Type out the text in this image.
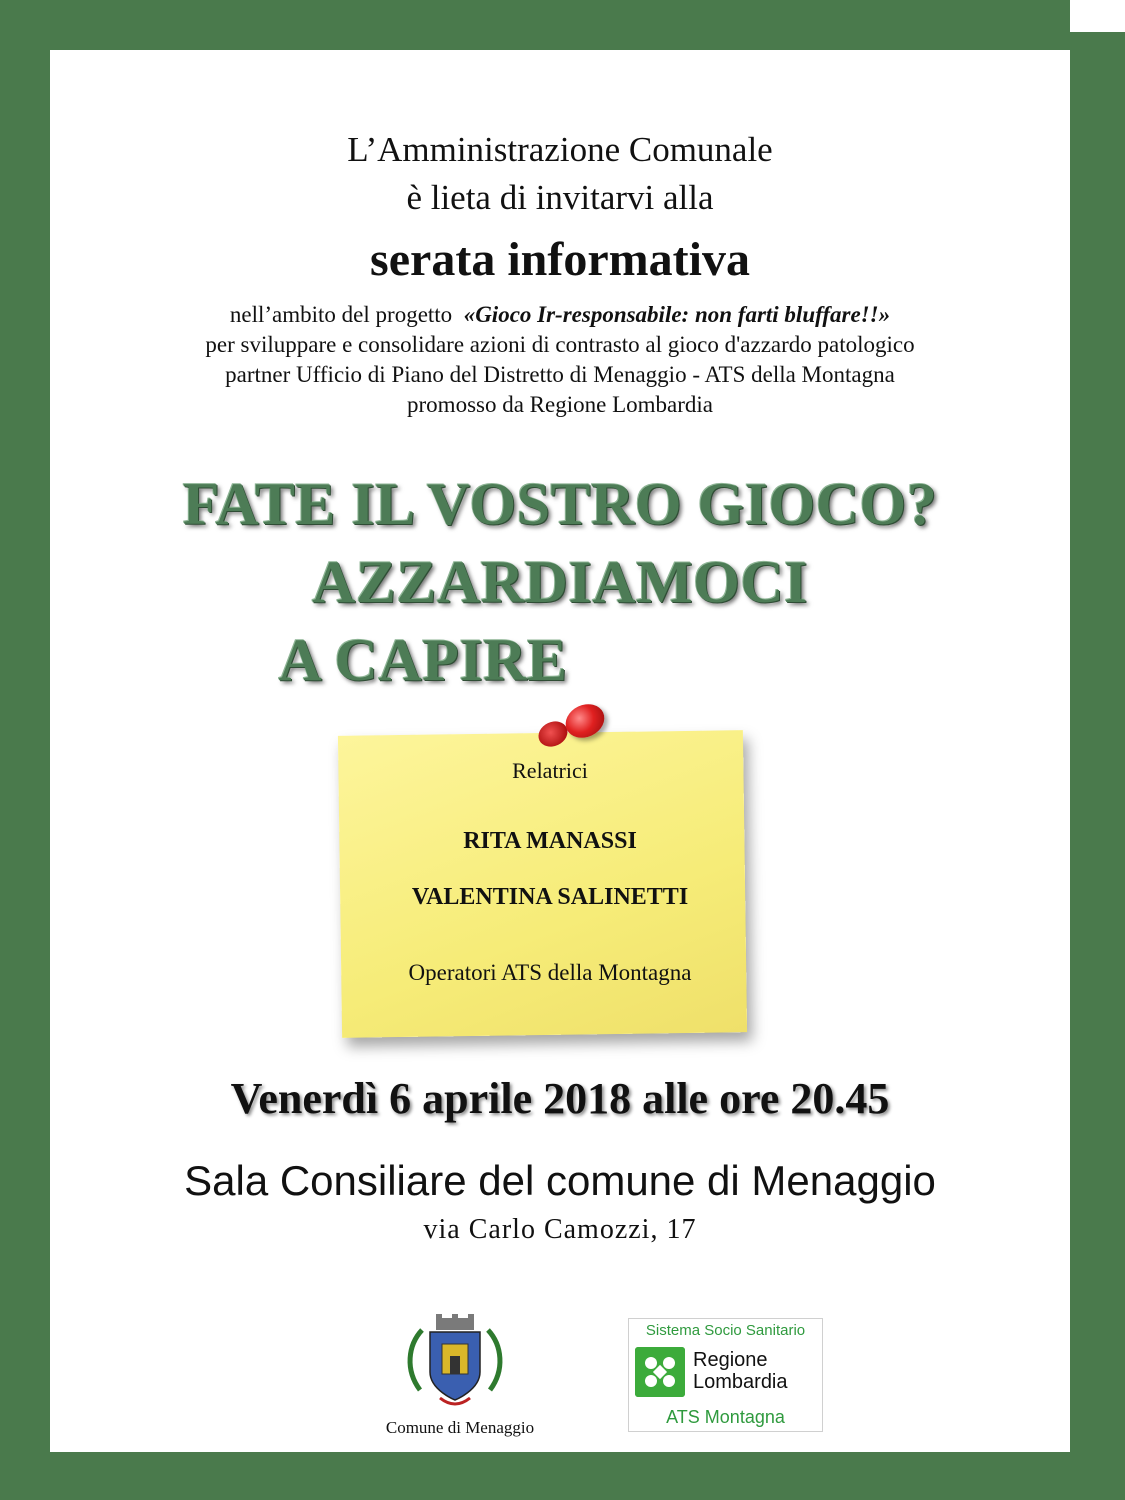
L’Amministrazione Comunale
è lieta di invitarvi alla
serata informativa
nell’ambito del progetto «Gioco Ir-responsabile: non farti bluffare!!»
per sviluppare e consolidare azioni di contrasto al gioco d'azzardo patologico
partner Ufficio di Piano del Distretto di Menaggio - ATS della Montagna
promosso da Regione Lombardia
FATE IL VOSTRO GIOCO?
AZZARDIAMOCI
A CAPIRE
Relatrici
RITA MANASSI
VALENTINA SALINETTI
Operatori ATS della Montagna
Venerdì 6 aprile 2018 alle ore 20.45
Sala Consiliare del comune di Menaggio
via Carlo Camozzi, 17
Comune di Menaggio
Sistema Socio Sanitario
Regione
Lombardia
ATS Montagna
